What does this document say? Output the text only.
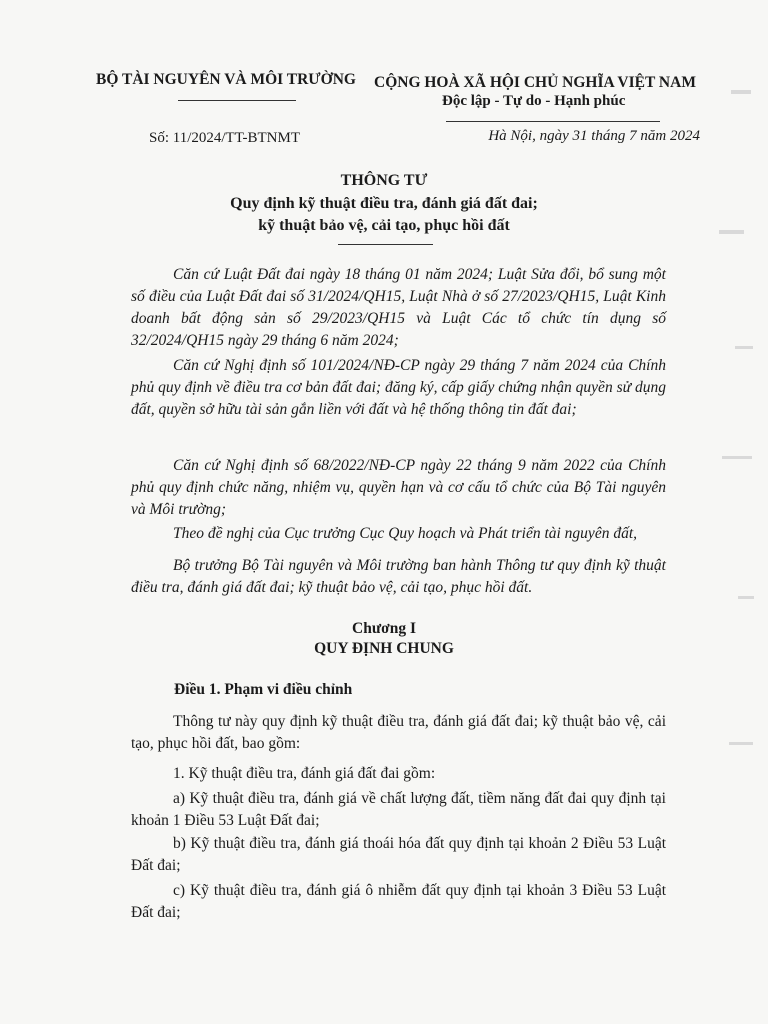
BỘ TÀI NGUYÊN VÀ MÔI TRƯỜNG	CỘNG HOÀ XÃ HỘI CHỦ NGHĨA VIỆT NAM
Độc lập - Tự do - Hạnh phúc
Số: 11/2024/TT-BTNMT	Hà Nội, ngày 31 tháng 7 năm 2024
THÔNG TƯ
Quy định kỹ thuật điều tra, đánh giá đất đai;
kỹ thuật bảo vệ, cải tạo, phục hồi đất
Căn cứ Luật Đất đai ngày 18 tháng 01 năm 2024; Luật Sửa đổi, bổ sung một số điều của Luật Đất đai số 31/2024/QH15, Luật Nhà ở số 27/2023/QH15, Luật Kinh doanh bất động sản số 29/2023/QH15 và Luật Các tổ chức tín dụng số 32/2024/QH15 ngày 29 tháng 6 năm 2024;
Căn cứ Nghị định số 101/2024/NĐ-CP ngày 29 tháng 7 năm 2024 của Chính phủ quy định về điều tra cơ bản đất đai; đăng ký, cấp giấy chứng nhận quyền sử dụng đất, quyền sở hữu tài sản gắn liền với đất và hệ thống thông tin đất đai;
Căn cứ Nghị định số 68/2022/NĐ-CP ngày 22 tháng 9 năm 2022 của Chính phủ quy định chức năng, nhiệm vụ, quyền hạn và cơ cấu tổ chức của Bộ Tài nguyên và Môi trường;
Theo đề nghị của Cục trưởng Cục Quy hoạch và Phát triển tài nguyên đất,
Bộ trưởng Bộ Tài nguyên và Môi trường ban hành Thông tư quy định kỹ thuật điều tra, đánh giá đất đai; kỹ thuật bảo vệ, cải tạo, phục hồi đất.
Chương I
QUY ĐỊNH CHUNG
Điều 1. Phạm vi điều chỉnh
Thông tư này quy định kỹ thuật điều tra, đánh giá đất đai; kỹ thuật bảo vệ, cải tạo, phục hồi đất, bao gồm:
1. Kỹ thuật điều tra, đánh giá đất đai gồm:
a) Kỹ thuật điều tra, đánh giá về chất lượng đất, tiềm năng đất đai quy định tại khoản 1 Điều 53 Luật Đất đai;
b) Kỹ thuật điều tra, đánh giá thoái hóa đất quy định tại khoản 2 Điều 53 Luật Đất đai;
c) Kỹ thuật điều tra, đánh giá ô nhiễm đất quy định tại khoản 3 Điều 53 Luật Đất đai;
